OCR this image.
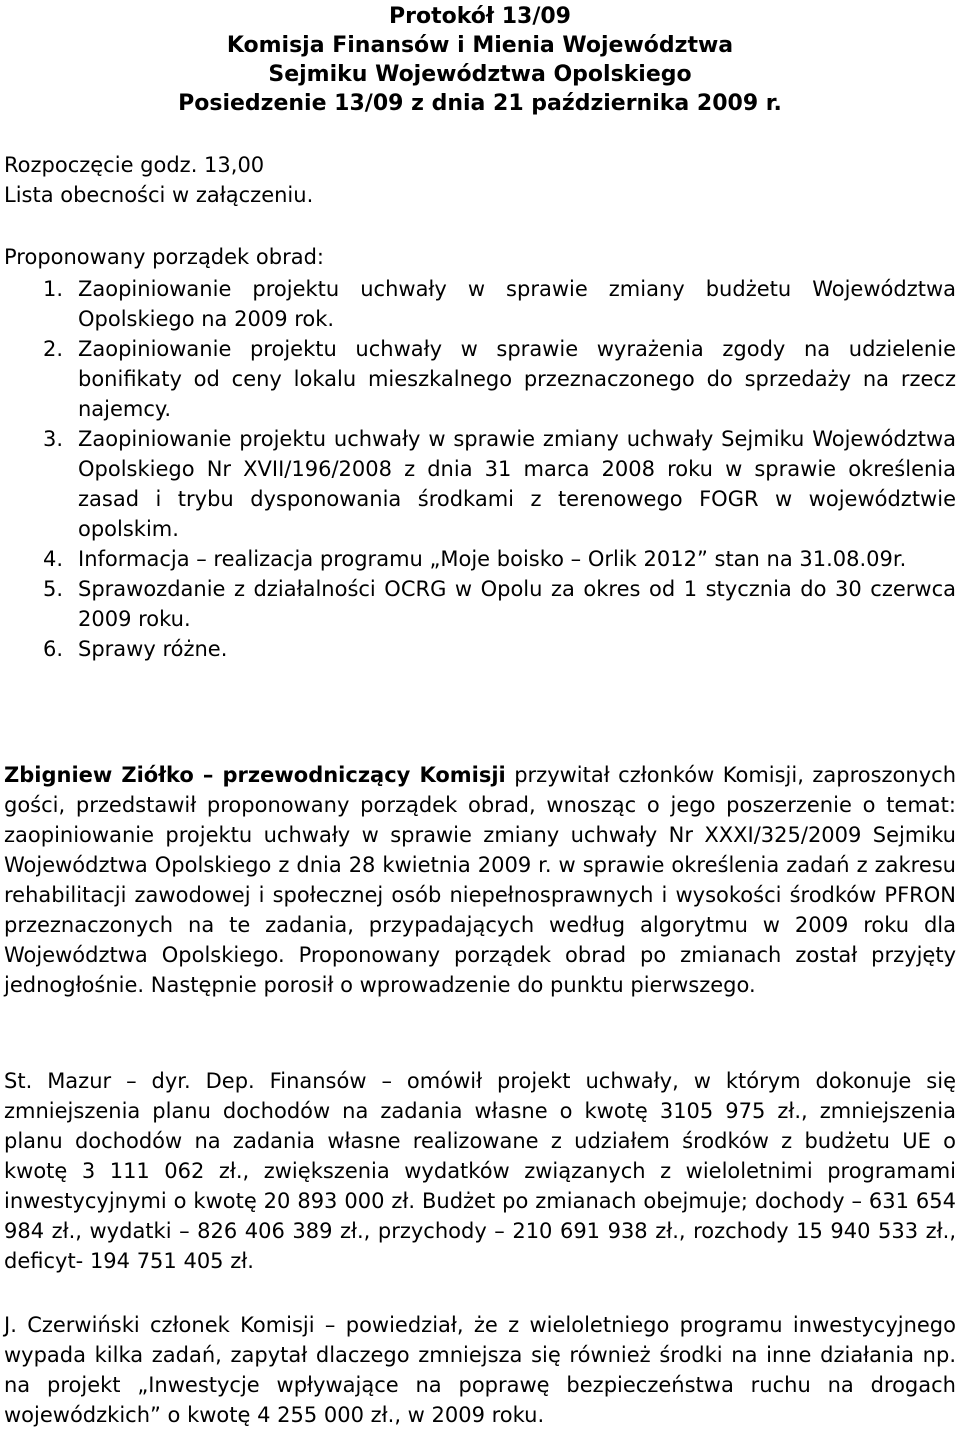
Protokół 13/09
Komisja Finansów i Mienia Województwa
Sejmiku Województwa Opolskiego
Posiedzenie 13/09 z dnia 21 października 2009 r.
Rozpoczęcie godz. 13,00
Lista obecności w załączeniu.
Proponowany porządek obrad:
1. Zaopiniowanie projektu uchwały w sprawie zmiany budżetu Województwa Opolskiego na 2009 rok.
2. Zaopiniowanie projektu uchwały w sprawie wyrażenia zgody na udzielenie bonifikaty od ceny lokalu mieszkalnego przeznaczonego do sprzedaży na rzecz najemcy.
3. Zaopiniowanie projektu uchwały w sprawie zmiany uchwały Sejmiku Województwa Opolskiego Nr XVII/196/2008 z dnia 31 marca 2008 roku w sprawie określenia zasad i trybu dysponowania środkami z terenowego FOGR w województwie opolskim.
4. Informacja – realizacja programu „Moje boisko – Orlik 2012” stan na 31.08.09r.
5. Sprawozdanie z działalności OCRG w Opolu za okres od 1 stycznia do 30 czerwca 2009 roku.
6. Sprawy różne.
Zbigniew Ziółko – przewodniczący Komisji przywitał członków Komisji, zaproszonych gości, przedstawił proponowany porządek obrad, wnosząc o jego poszerzenie o temat: zaopiniowanie projektu uchwały w sprawie zmiany uchwały Nr XXXI/325/2009 Sejmiku Województwa Opolskiego z dnia 28 kwietnia 2009 r. w sprawie określenia zadań z zakresu rehabilitacji zawodowej i społecznej osób niepełnosprawnych i wysokości środków PFRON przeznaczonych na te zadania, przypadających według algorytmu w 2009 roku dla Województwa Opolskiego. Proponowany porządek obrad po zmianach został przyjęty jednogłośnie. Następnie porosił o wprowadzenie do punktu pierwszego.
St. Mazur – dyr. Dep. Finansów – omówił projekt uchwały, w którym dokonuje się zmniejszenia planu dochodów na zadania własne o kwotę 3105 975 zł., zmniejszenia planu dochodów na zadania własne realizowane z udziałem środków z budżetu UE o kwotę 3 111 062 zł., zwiększenia wydatków związanych z wieloletnimi programami inwestycyjnymi o kwotę 20 893 000 zł. Budżet po zmianach obejmuje; dochody – 631 654 984 zł., wydatki – 826 406 389 zł., przychody – 210 691 938 zł., rozchody 15 940 533 zł., deficyt- 194 751 405 zł.
J. Czerwiński członek Komisji – powiedział, że z wieloletniego programu inwestycyjnego wypada kilka zadań, zapytał dlaczego zmniejsza się również środki na inne działania np. na projekt „Inwestycje wpływające na poprawę bezpieczeństwa ruchu na drogach wojewódzkich” o kwotę 4 255 000 zł., w 2009 roku.
